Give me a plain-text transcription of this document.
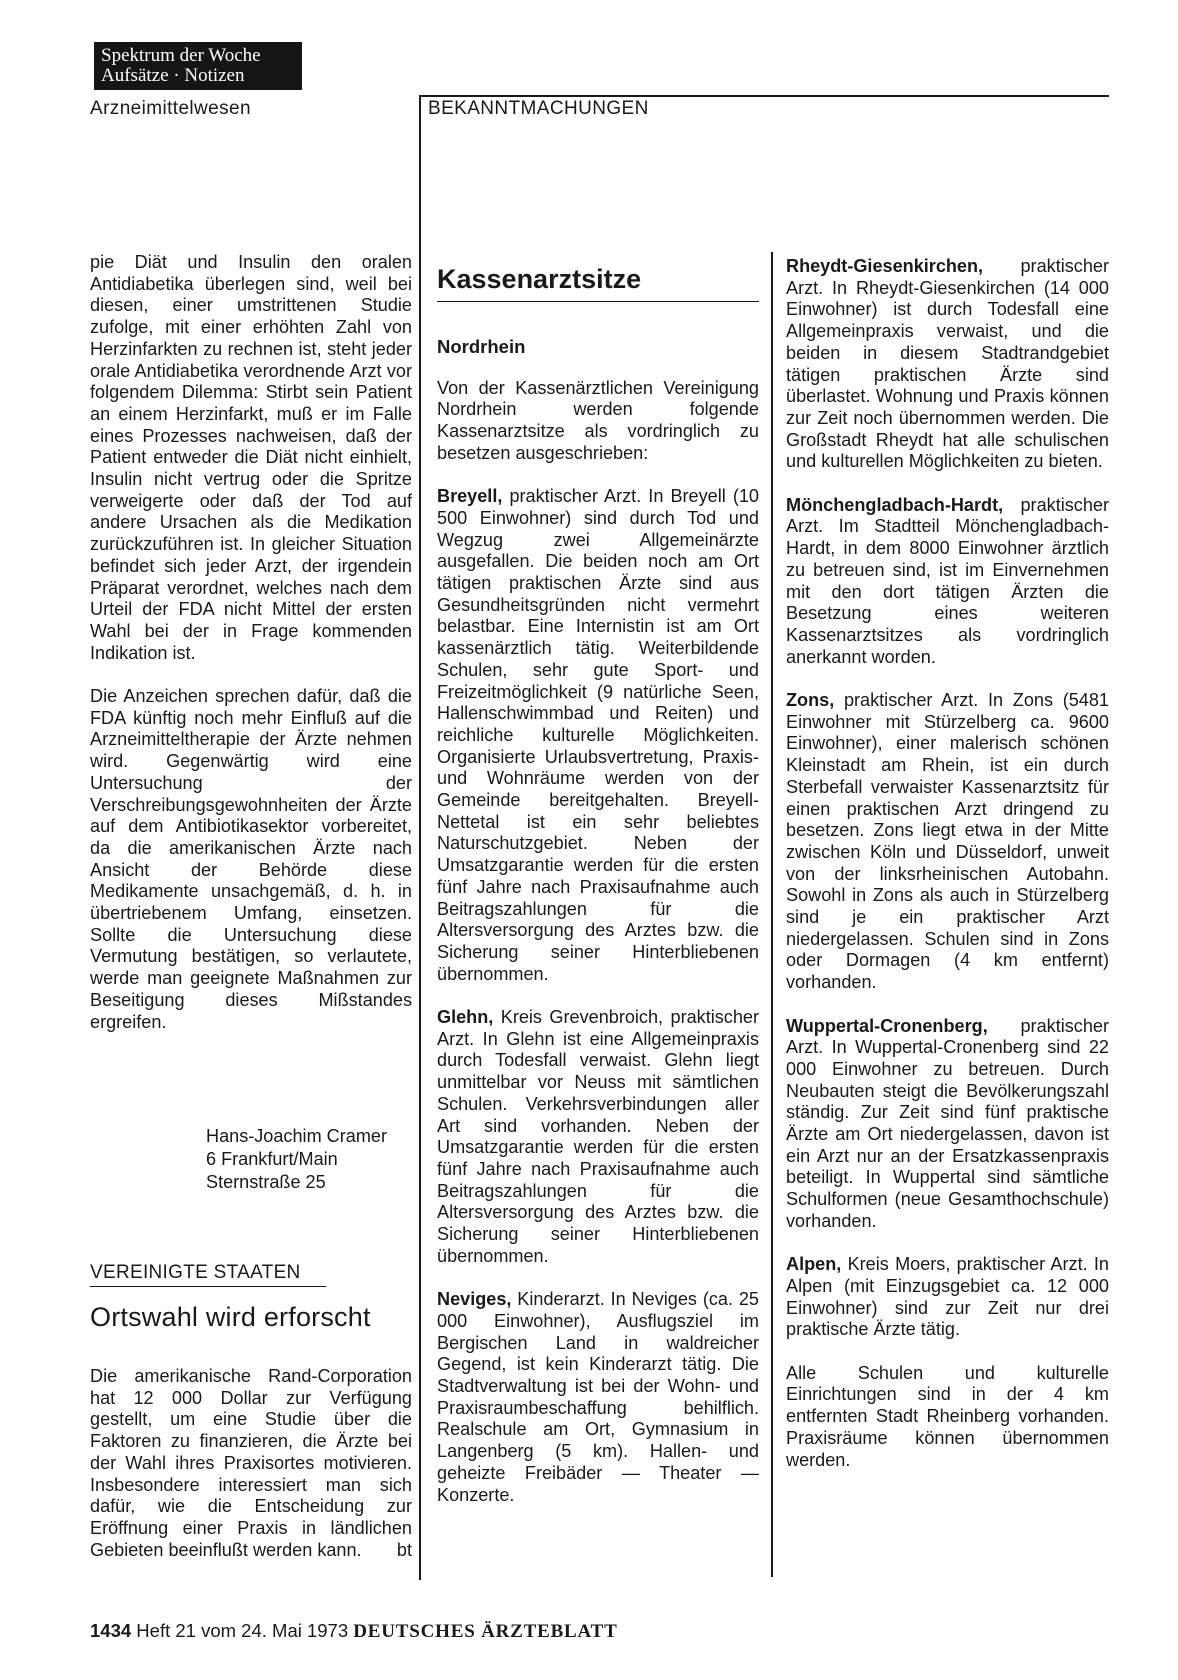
Spektrum der Woche
Aufsätze · Notizen
Arzneimittelwesen	BEKANNTMACHUNGEN

pie Diät und Insulin den oralen Antidiabetika überlegen sind, weil bei diesen, einer umstrittenen Studie zufolge, mit einer erhöhten Zahl von Herzinfarkten zu rechnen ist, steht jeder orale Antidiabetika verordnende Arzt vor folgendem Dilemma: Stirbt sein Patient an einem Herzinfarkt, muß er im Falle eines Prozesses nachweisen, daß der Patient entweder die Diät nicht einhielt, Insulin nicht vertrug oder die Spritze verweigerte oder daß der Tod auf andere Ursachen als die Medikation zurückzuführen ist. In gleicher Situation befindet sich jeder Arzt, der irgendein Präparat verordnet, welches nach dem Urteil der FDA nicht Mittel der ersten Wahl bei der in Frage kommenden Indikation ist.

Die Anzeichen sprechen dafür, daß die FDA künftig noch mehr Einfluß auf die Arzneimitteltherapie der Ärzte nehmen wird. Gegenwärtig wird eine Untersuchung der Verschreibungsgewohnheiten der Ärzte auf dem Antibiotikasektor vorbereitet, da die amerikanischen Ärzte nach Ansicht der Behörde diese Medikamente unsachgemäß, d. h. in übertriebenem Umfang, einsetzen. Sollte die Untersuchung diese Vermutung bestätigen, so verlautete, werde man geeignete Maßnahmen zur Beseitigung dieses Mißstandes ergreifen.

Hans-Joachim Cramer
6 Frankfurt/Main
Sternstraße 25
VEREINIGTE STAATEN
Ortswahl wird erforscht

Die amerikanische Rand-Corporation hat 12 000 Dollar zur Verfügung gestellt, um eine Studie über die Faktoren zu finanzieren, die Ärzte bei der Wahl ihres Praxisortes motivieren. Insbesondere interessiert man sich dafür, wie die Entscheidung zur Eröffnung einer Praxis in ländlichen Gebieten beeinflußt werden kann. bt

Kassenarztsitze

Nordrhein

Von der Kassenärztlichen Vereinigung Nordrhein werden folgende Kassenarztsitze als vordringlich zu besetzen ausgeschrieben:

Breyell, praktischer Arzt. In Breyell (10 500 Einwohner) sind durch Tod und Wegzug zwei Allgemeinärzte ausgefallen. Die beiden noch am Ort tätigen praktischen Ärzte sind aus Gesundheitsgründen nicht vermehrt belastbar. Eine Internistin ist am Ort kassenärztlich tätig. Weiterbildende Schulen, sehr gute Sport- und Freizeitmöglichkeit (9 natürliche Seen, Hallenschwimmbad und Reiten) und reichliche kulturelle Möglichkeiten. Organisierte Urlaubsvertretung, Praxis- und Wohnräume werden von der Gemeinde bereitgehalten. Breyell-Nettetal ist ein sehr beliebtes Naturschutzgebiet. Neben der Umsatzgarantie werden für die ersten fünf Jahre nach Praxisaufnahme auch Beitragszahlungen für die Altersversorgung des Arztes bzw. die Sicherung seiner Hinterbliebenen übernommen.

Glehn, Kreis Grevenbroich, praktischer Arzt. In Glehn ist eine Allgemeinpraxis durch Todesfall verwaist. Glehn liegt unmittelbar vor Neuss mit sämtlichen Schulen. Verkehrsverbindungen aller Art sind vorhanden. Neben der Umsatzgarantie werden für die ersten fünf Jahre nach Praxisaufnahme auch Beitragszahlungen für die Altersversorgung des Arztes bzw. die Sicherung seiner Hinterbliebenen übernommen.

Neviges, Kinderarzt. In Neviges (ca. 25 000 Einwohner), Ausflugsziel im Bergischen Land in waldreicher Gegend, ist kein Kinderarzt tätig. Die Stadtverwaltung ist bei der Wohn- und Praxisraumbeschaffung behilflich. Realschule am Ort, Gymnasium in Langenberg (5 km). Hallen- und geheizte Freibäder — Theater — Konzerte.

Rheydt-Giesenkirchen, praktischer Arzt. In Rheydt-Giesenkirchen (14 000 Einwohner) ist durch Todesfall eine Allgemeinpraxis verwaist, und die beiden in diesem Stadtrandgebiet tätigen praktischen Ärzte sind überlastet. Wohnung und Praxis können zur Zeit noch übernommen werden. Die Großstadt Rheydt hat alle schulischen und kulturellen Möglichkeiten zu bieten.

Mönchengladbach-Hardt, praktischer Arzt. Im Stadtteil Mönchengladbach-Hardt, in dem 8000 Einwohner ärztlich zu betreuen sind, ist im Einvernehmen mit den dort tätigen Ärzten die Besetzung eines weiteren Kassenarztsitzes als vordringlich anerkannt worden.

Zons, praktischer Arzt. In Zons (5481 Einwohner mit Stürzelberg ca. 9600 Einwohner), einer malerisch schönen Kleinstadt am Rhein, ist ein durch Sterbefall verwaister Kassenarztsitz für einen praktischen Arzt dringend zu besetzen. Zons liegt etwa in der Mitte zwischen Köln und Düsseldorf, unweit von der linksrheinischen Autobahn. Sowohl in Zons als auch in Stürzelberg sind je ein praktischer Arzt niedergelassen. Schulen sind in Zons oder Dormagen (4 km entfernt) vorhanden.

Wuppertal-Cronenberg, praktischer Arzt. In Wuppertal-Cronenberg sind 22 000 Einwohner zu betreuen. Durch Neubauten steigt die Bevölkerungszahl ständig. Zur Zeit sind fünf praktische Ärzte am Ort niedergelassen, davon ist ein Arzt nur an der Ersatzkassenpraxis beteiligt. In Wuppertal sind sämtliche Schulformen (neue Gesamthochschule) vorhanden.

Alpen, Kreis Moers, praktischer Arzt. In Alpen (mit Einzugsgebiet ca. 12 000 Einwohner) sind zur Zeit nur drei praktische Ärzte tätig.

Alle Schulen und kulturelle Einrichtungen sind in der 4 km entfernten Stadt Rheinberg vorhanden. Praxisräume können übernommen werden.

1434 Heft 21 vom 24. Mai 1973 DEUTSCHES ÄRZTEBLATT
